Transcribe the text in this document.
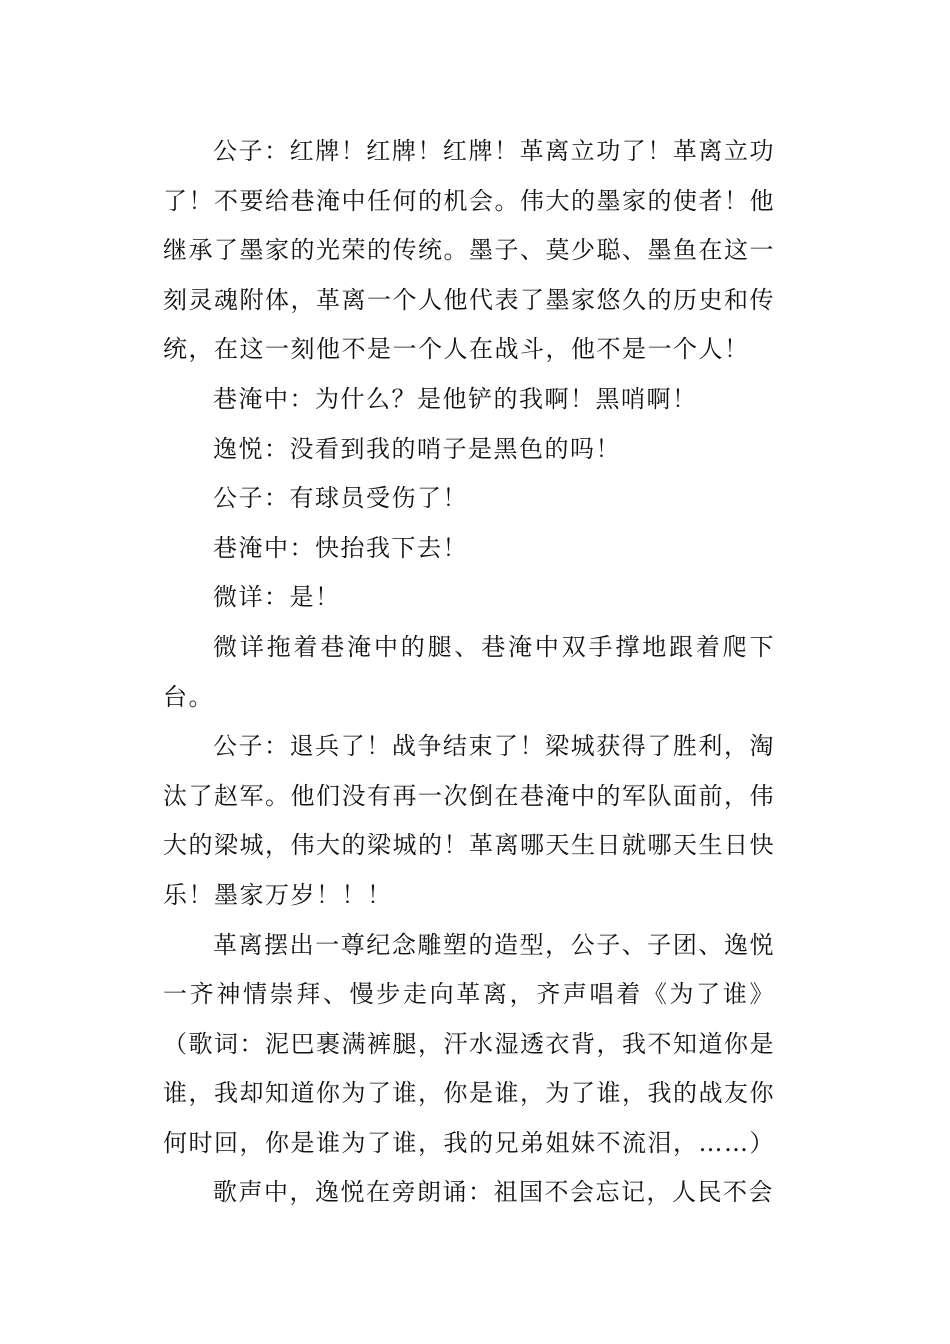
公子：红牌！红牌！红牌！革离立功了！革离立功了！不要给巷淹中任何的机会。伟大的墨家的使者！他继承了墨家的光荣的传统。墨子、莫少聪、墨鱼在这一刻灵魂附体，革离一个人他代表了墨家悠久的历史和传统，在这一刻他不是一个人在战斗，他不是一个人！

巷淹中：为什么？是他铲的我啊！黑哨啊！

逸悦：没看到我的哨子是黑色的吗！

公子：有球员受伤了！

巷淹中：快抬我下去！

微详：是！

微详拖着巷淹中的腿、巷淹中双手撑地跟着爬下台。

公子：退兵了！战争结束了！梁城获得了胜利，淘汰了赵军。他们没有再一次倒在巷淹中的军队面前，伟大的梁城，伟大的梁城的！革离哪天生日就哪天生日快乐！墨家万岁！！！

革离摆出一尊纪念雕塑的造型，公子、子团、逸悦一齐神情崇拜、慢步走向革离，齐声唱着《为了谁》（歌词：泥巴裹满裤腿，汗水湿透衣背，我不知道你是谁，我却知道你为了谁，你是谁，为了谁，我的战友你何时回，你是谁为了谁，我的兄弟姐妹不流泪，……）

歌声中，逸悦在旁朗诵：祖国不会忘记，人民不会
